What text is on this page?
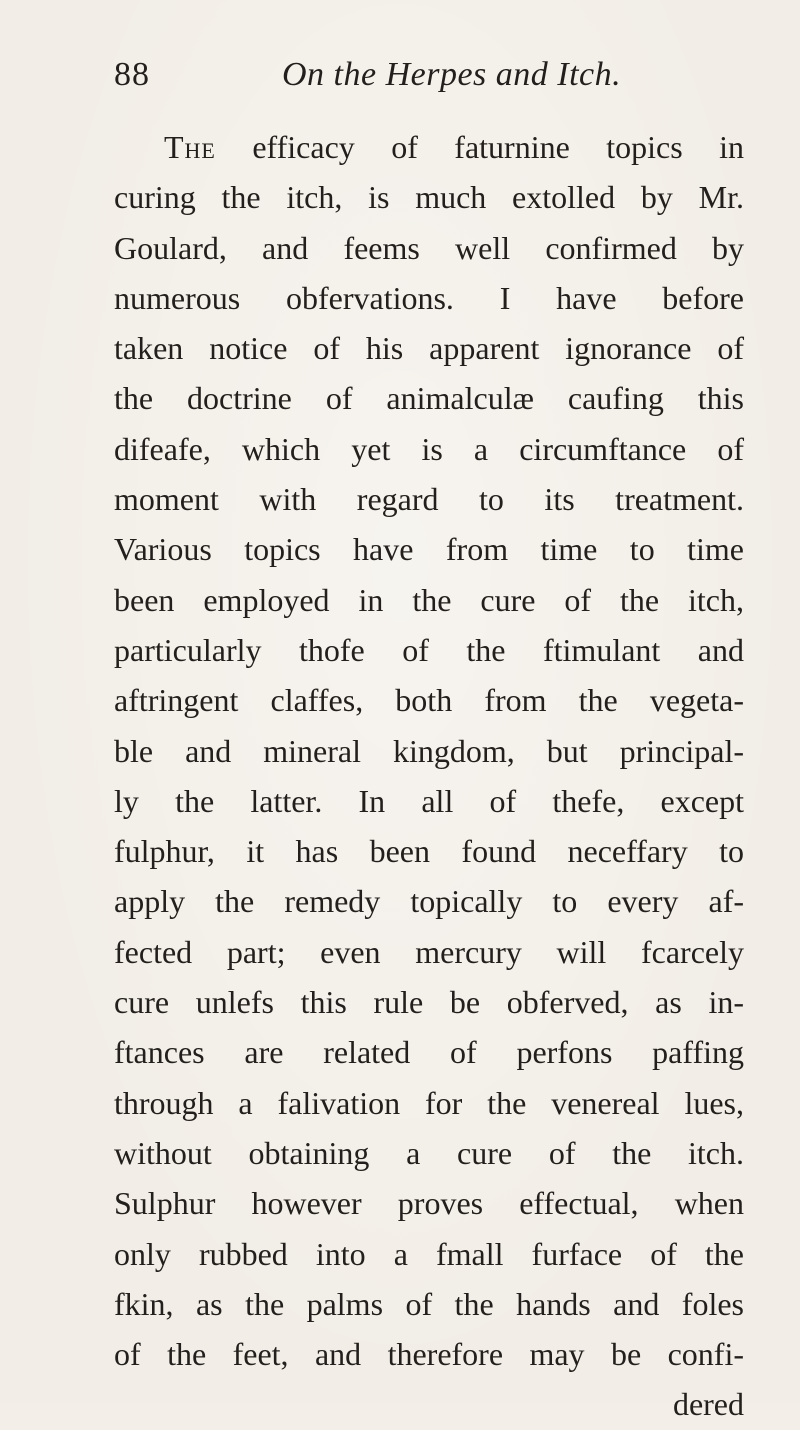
88	On the Herpes and Itch.
The efficacy of faturnine topics in
curing the itch, is much extolled by Mr.
Goulard, and feems well confirmed by
numerous obfervations. I have before
taken notice of his apparent ignorance of
the doctrine of animalculæ caufing this
difeafe, which yet is a circumftance of
moment with regard to its treatment.
Various topics have from time to time
been employed in the cure of the itch,
particularly thofe of the ftimulant and
aftringent claffes, both from the vegeta-
ble and mineral kingdom, but principal-
ly the latter. In all of thefe, except
fulphur, it has been found neceffary to
apply the remedy topically to every af-
fected part; even mercury will fcarcely
cure unlefs this rule be obferved, as in-
ftances are related of perfons paffing
through a falivation for the venereal lues,
without obtaining a cure of the itch.
Sulphur however proves effectual, when
only rubbed into a fmall furface of the
fkin, as the palms of the hands and foles
of the feet, and therefore may be confi-
dered
